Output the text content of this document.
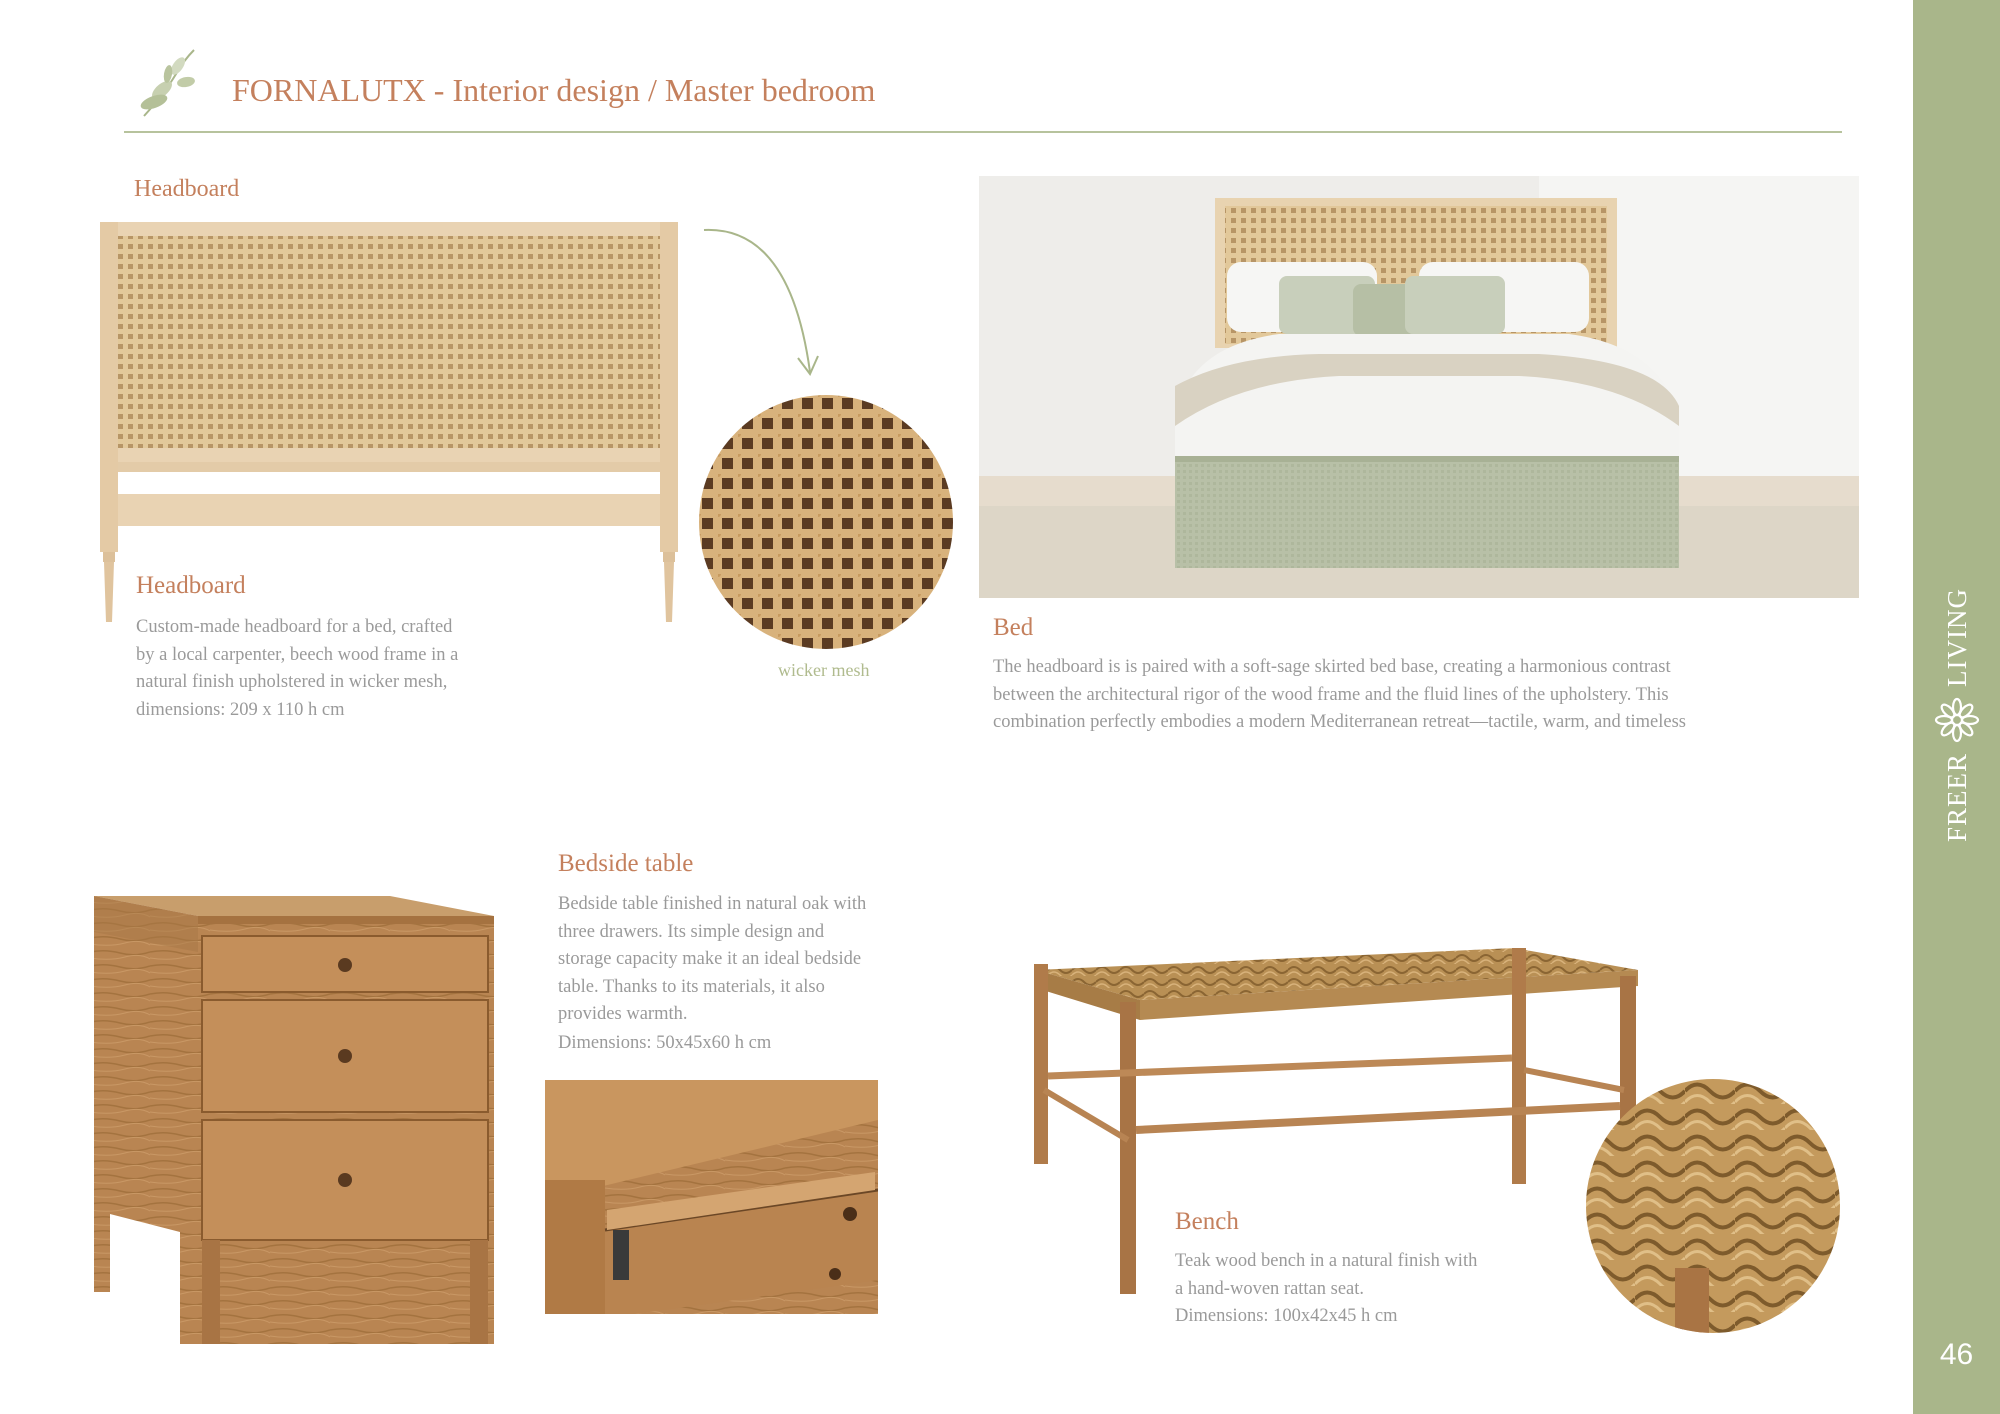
FORNALUTX - Interior design / Master bedroom
FREER
LIVING
46
Headboard
wicker mesh
Headboard

Custom-made headboard for a bed, crafted by a local carpenter, beech wood frame in a natural finish upholstered in wicker mesh, dimensions: 209 x 110 h cm

Bed

The headboard is is paired with a soft-sage skirted bed base, creating a harmonious contrast between the architectural rigor of the wood frame and the fluid lines of the upholstery. This combination perfectly embodies a modern Mediterranean retreat—tactile, warm, and timeless

Bedside table

Bedside table finished in natural oak with three drawers. Its simple design and storage capacity make it an ideal bedside table. Thanks to its materials, it also provides warmth.

Dimensions: 50x45x60 h cm

Bench

Teak wood bench in a natural finish with a hand-woven rattan seat.

Dimensions: 100x42x45 h cm
